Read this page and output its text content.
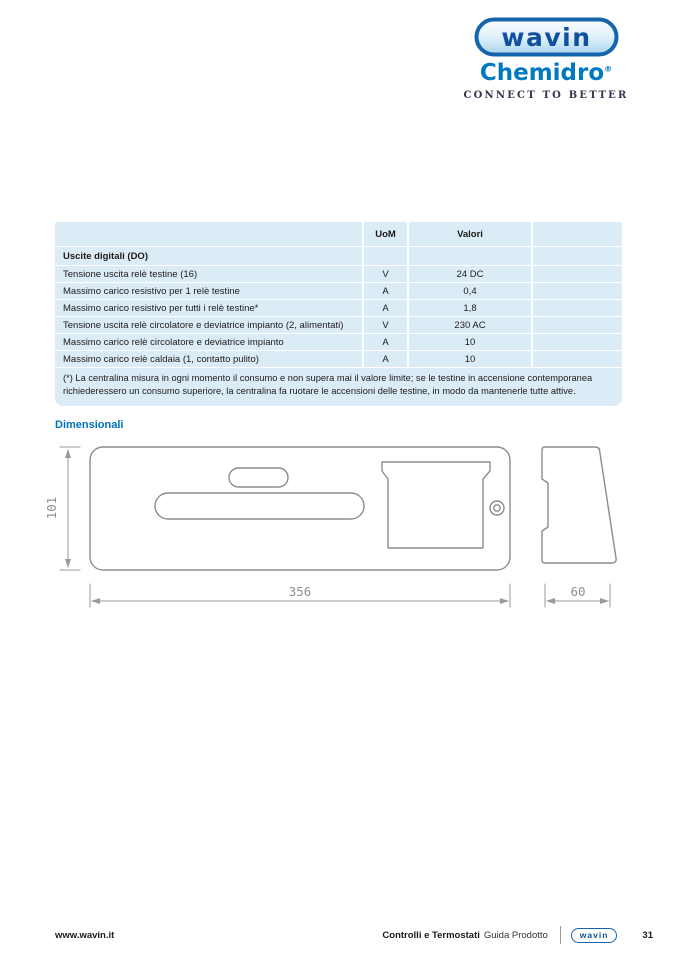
wavin
Chemidro®
CONNECT TO BETTER
UoM	Valori
Uscite digitali (DO)
Tensione uscita relè testine (16)	V	24 DC
Massimo carico resistivo per 1 relè testine	A	0,4
Massimo carico resistivo per tutti i relè testine*	A	1,8
Tensione uscita relè circolatore e deviatrice impianto (2, alimentati)	V	230 AC
Massimo carico relè circolatore e deviatrice impianto	A	10
Massimo carico relè caldaia (1, contatto pulito)	A	10
(*) La centralina misura in ogni momento il consumo e non supera mai il valore limite; se le testine in accensione contemporanea richiederessero un consumo superiore, la centralina fa ruotare le accensioni delle testine, in modo da mantenerle tutte attive.
Dimensionali
101
356	60
www.wavin.it	Controlli e Termostati Guida Prodotto	wavin	31
